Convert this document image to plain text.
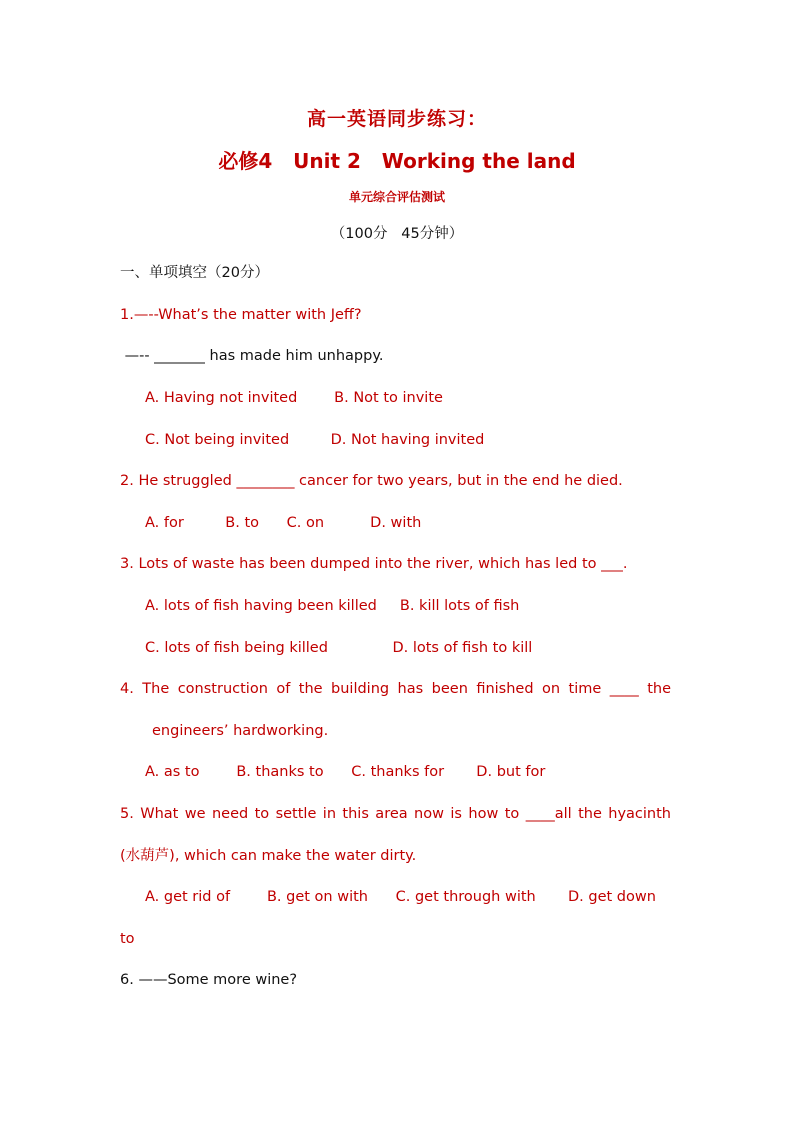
高一英语同步练习：
必修4   Unit 2   Working the land
单元综合评估测试
（100分   45分钟）
一、单项填空（20分）
1.—--What’s the matter with Jeff?
—-- _______ has made him unhappy.
A. Having not invited        B. Not to invite
C. Not being invited         D. Not having invited
2. He struggled ________ cancer for two years, but in the end he died.
A. for         B. to      C. on          D. with
3. Lots of waste has been dumped into the river, which has led to ___.
A. lots of fish having been killed     B. kill lots of fish
C. lots of fish being killed              D. lots of fish to kill
4. The construction of the building has been finished on time ____ the
engineers’ hardworking.
A. as to        B. thanks to      C. thanks for       D. but for
5. What we need to settle in this area now is how to ____all the hyacinth
(水葫芦), which can make the water dirty.
A. get rid of        B. get on with      C. get through with       D. get down
to
6. ——Some more wine?
